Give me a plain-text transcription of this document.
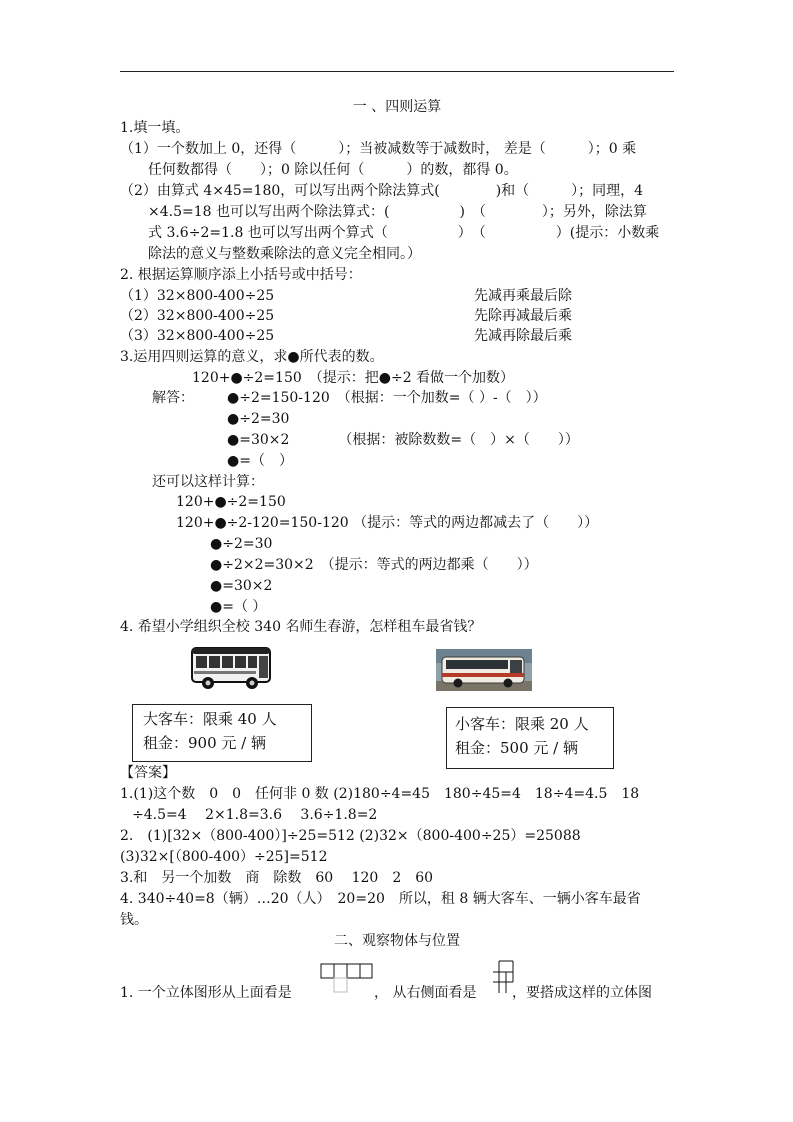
一 、四则运算
1.填一填。
（1）一个数加上 0，还得（　　　）；当被减数等于减数时， 差是（　　　）；0 乘
任何数都得（　　）；0 除以任何（　　　）的数，都得 0。
（2）由算式 4×45=180，可以写出两个除法算式(　　　　)和（　　　）；同理，4
×4.5=18 也可以写出两个除法算式：(　　　　　)　（　　　　）；另外，除法算
式 3.6÷2=1.8 也可以写出两个算式（　　　　　）　（　　　　　）(提示：小数乘
除法的意义与整数乘除法的意义完全相同。）
2. 根据运算顺序添上小括号或中括号：
（1）32×800-400÷25	先减再乘最后除
（2）32×800-400÷25	先除再减最后乘
（3）32×800-400÷25	先减再除最后乘
3.运用四则运算的意义，求●所代表的数。
120+●÷2=150　（提示：把●÷2 看做一个加数）
解答： ●÷2=150-120　（根据：一个加数=（ ）-（　））
●÷2=30
●=30×2　　　　（根据：被除数数=（　）×（　　））
●=（　）
还可以这样计算：
120+●÷2=150
120+●÷2-120=150-120 （提示：等式的两边都减去了（　　））
●÷2=30
●÷2×2=30×2　（提示：等式的两边都乘（　　））
●=30×2
●=（ ）
4. 希望小学组织全校 340 名师生春游，怎样租车最省钱？
大客车：限乘 40 人
租金：900 元 / 辆
小客车：限乘 20 人
租金：500 元 / 辆
【答案】
1.(1)这个数　0　0　任何非 0 数 (2)180÷4=45　180÷45=4　18÷4=4.5　18
÷4.5=4　 2×1.8=3.6　 3.6÷1.8=2
2.　(1)[32×（800-400）]÷25=512 (2)32×（800-400÷25）=25088
(3)32×[（800-400）÷25]=512
3.和　另一个加数　商　除数　60　 120　2　60
4. 340÷40=8（辆）…20（人）　20=20　所以，租 8 辆大客车、一辆小客车最省
钱。
二、观察物体与位置
1. 一个立体图形从上面看是	， 从右侧面看是	，要搭成这样的立体图
